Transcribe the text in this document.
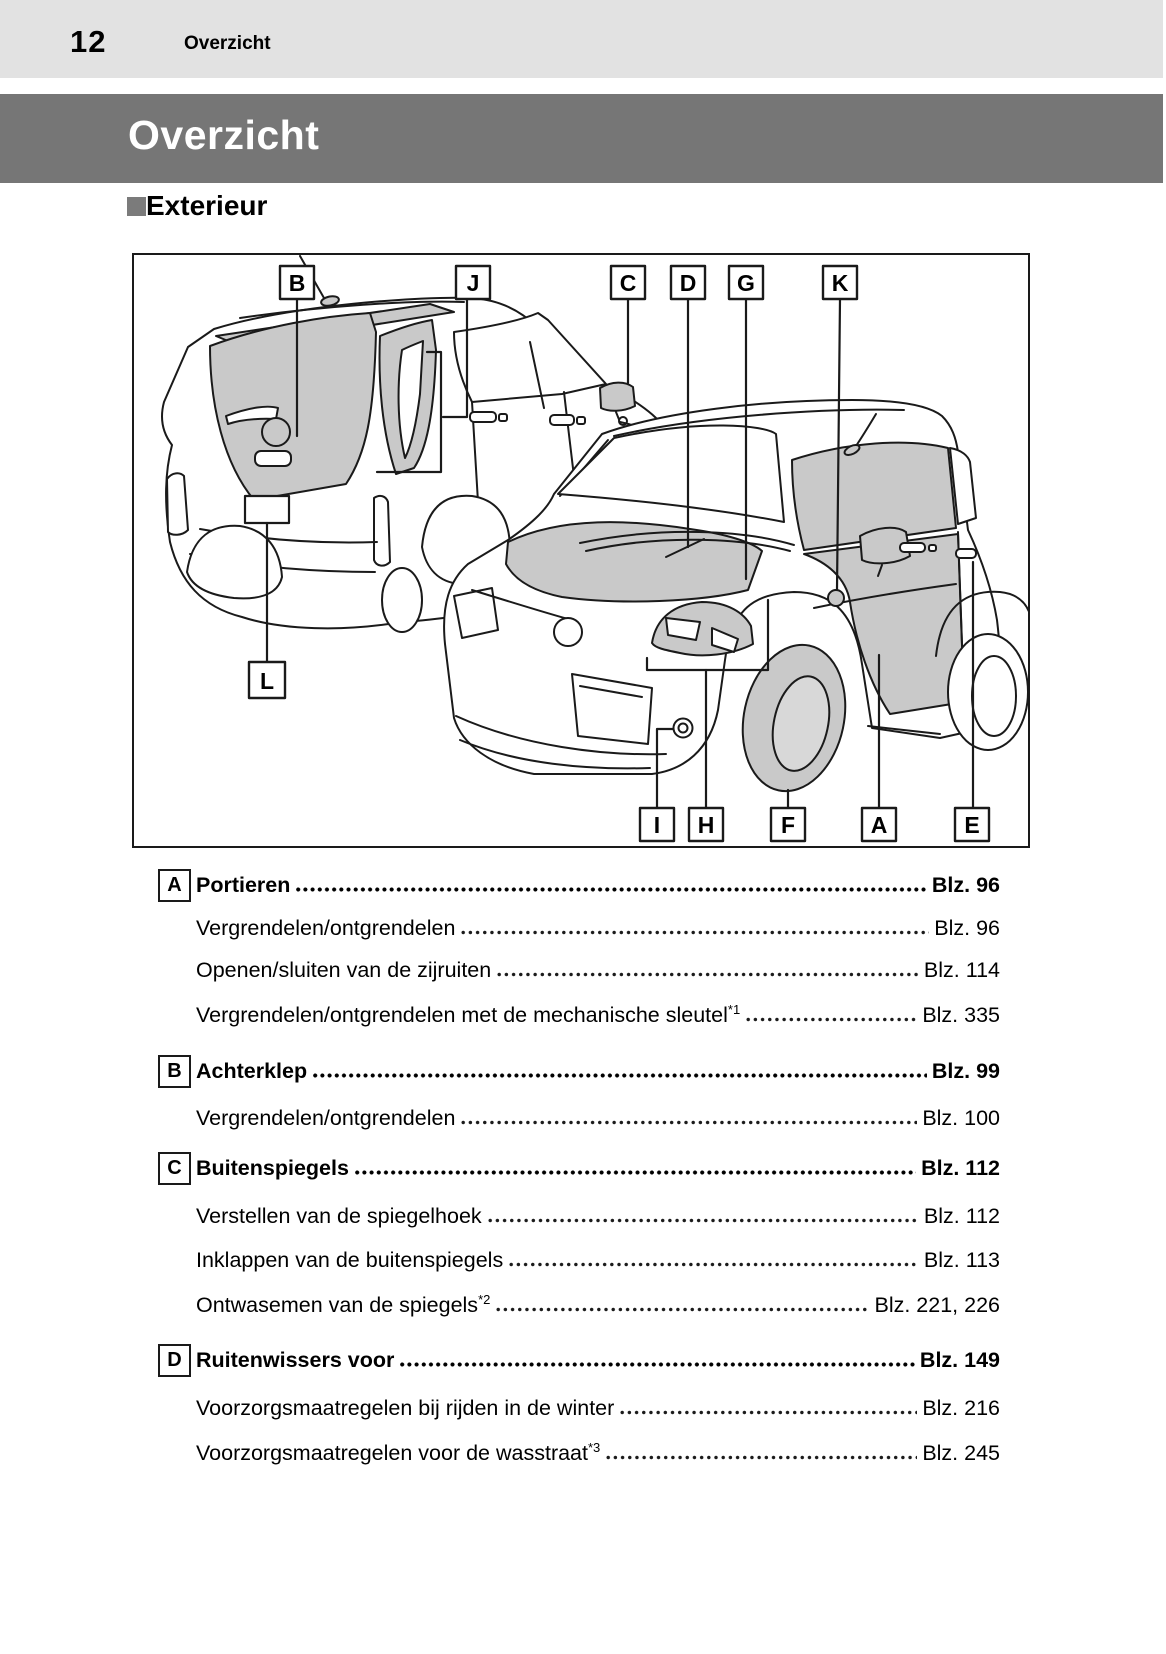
12	Overzicht
Overzicht
Exterieur
B	J	C D G	K
L
I H	F	A	E
A Portieren	Blz. 96
Vergrendelen/ontgrendelen	Blz. 96
Openen/sluiten van de zijruiten	Blz. 114
Vergrendelen/ontgrendelen met de mechanische sleutel$^{*1}$	Blz. 335
B Achterklep	Blz. 99
Vergrendelen/ontgrendelen	Blz. 100
C Buitenspiegels	Blz. 112
Verstellen van de spiegelhoek	Blz. 112
Inklappen van de buitenspiegels	Blz. 113
Ontwasemen van de spiegels$^{*2}$	Blz. 221, 226
D Ruitenwissers voor	Blz. 149
Voorzorgsmaatregelen bij rijden in de winter	Blz. 216
Voorzorgsmaatregelen voor de wasstraat$^{*3}$	Blz. 245
